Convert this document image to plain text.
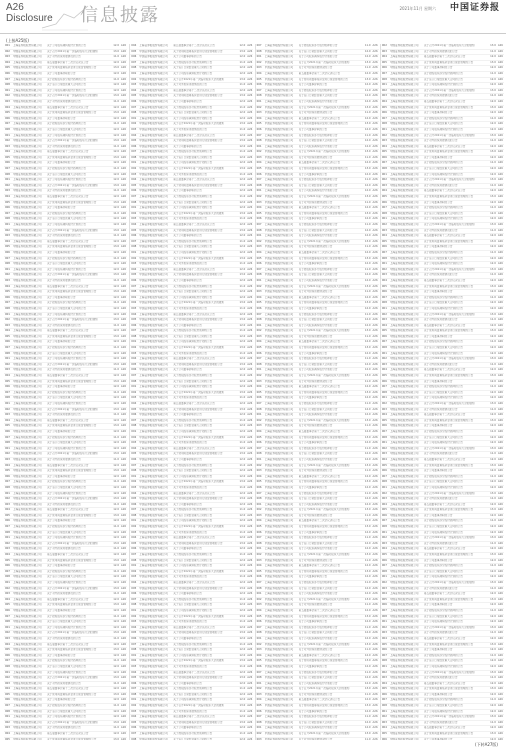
A26
Disclosure 信息披露	2021年11月 星期六 中国证券报
(上接A25版)
001	上海证券报股份有限公司	关于公司股东减持股份计划的公告	12.0 A26
002	中国证券报股份有限公司	关于召开2021年第一次临时股东大会的通知	13.0 A26
003	中国证券报股份有限公司	关于对外担保进展情况的公告	11.0 A26
004	上海证券报股份有限公司	第五届董事会第十二次会议决议公告	12.0 A26
005	中国证券报股份有限公司	关于使用闲置募集资金进行现金管理的公告	13.0 A26
006	中国证券报股份有限公司	关于公司董事辞职的公告	12.0 A26
007	上海证券报股份有限公司	关于控股股东部分股份质押的公告	11.0 A26
008	中国证券报股份有限公司	关于签订日常经营重大合同的公告	12.0 A26
001	上海证券报股份有限公司	关于公司股东减持股份计划的公告	12.0 A26
002	中国证券报股份有限公司	关于召开2021年第一次临时股东大会的通知	13.0 A26
003	中国证券报股份有限公司	关于对外担保进展情况的公告	11.0 A26
004	上海证券报股份有限公司	第五届董事会第十二次会议决议公告	12.0 A26
005	中国证券报股份有限公司	关于使用闲置募集资金进行现金管理的公告	13.0 A26
006	中国证券报股份有限公司	关于公司董事辞职的公告	12.0 A26
007	上海证券报股份有限公司	关于控股股东部分股份质押的公告	11.0 A26
008	中国证券报股份有限公司	关于签订日常经营重大合同的公告	12.0 A26
001	上海证券报股份有限公司	关于公司股东减持股份计划的公告	12.0 A26
002	中国证券报股份有限公司	关于召开2021年第一次临时股东大会的通知	13.0 A26
003	中国证券报股份有限公司	关于对外担保进展情况的公告	11.0 A26
004	上海证券报股份有限公司	第五届董事会第十二次会议决议公告	12.0 A26
005	中国证券报股份有限公司	关于使用闲置募集资金进行现金管理的公告	13.0 A26
006	中国证券报股份有限公司	关于公司董事辞职的公告	12.0 A26
007	上海证券报股份有限公司	关于控股股东部分股份质押的公告	11.0 A26
008	中国证券报股份有限公司	关于签订日常经营重大合同的公告	12.0 A26
001	上海证券报股份有限公司	关于公司股东减持股份计划的公告	12.0 A26
002	中国证券报股份有限公司	关于召开2021年第一次临时股东大会的通知	13.0 A26
003	中国证券报股份有限公司	关于对外担保进展情况的公告	11.0 A26
004	上海证券报股份有限公司	第五届董事会第十二次会议决议公告	12.0 A26
005	中国证券报股份有限公司	关于使用闲置募集资金进行现金管理的公告	13.0 A26
006	中国证券报股份有限公司	关于公司董事辞职的公告	12.0 A26
007	上海证券报股份有限公司	关于控股股东部分股份质押的公告	11.0 A26
008	中国证券报股份有限公司	关于签订日常经营重大合同的公告	12.0 A26
001	上海证券报股份有限公司	关于公司股东减持股份计划的公告	12.0 A26
002	中国证券报股份有限公司	关于召开2021年第一次临时股东大会的通知	13.0 A26
003	中国证券报股份有限公司	关于对外担保进展情况的公告	11.0 A26
004	上海证券报股份有限公司	第五届董事会第十二次会议决议公告	12.0 A26
005	中国证券报股份有限公司	关于使用闲置募集资金进行现金管理的公告	13.0 A26
006	中国证券报股份有限公司	关于公司董事辞职的公告	12.0 A26
007	上海证券报股份有限公司	关于控股股东部分股份质押的公告	11.0 A26
008	中国证券报股份有限公司	关于签订日常经营重大合同的公告	12.0 A26
001	上海证券报股份有限公司	关于公司股东减持股份计划的公告	12.0 A26
002	中国证券报股份有限公司	关于召开2021年第一次临时股东大会的通知	13.0 A26
003	中国证券报股份有限公司	关于对外担保进展情况的公告	11.0 A26
004	上海证券报股份有限公司	第五届董事会第十二次会议决议公告	12.0 A26
005	中国证券报股份有限公司	关于使用闲置募集资金进行现金管理的公告	13.0 A26
006	中国证券报股份有限公司	关于公司董事辞职的公告	12.0 A26
007	上海证券报股份有限公司	关于控股股东部分股份质押的公告	11.0 A26
008	中国证券报股份有限公司	关于签订日常经营重大合同的公告	12.0 A26
001	上海证券报股份有限公司	关于公司股东减持股份计划的公告	12.0 A26
002	中国证券报股份有限公司	关于召开2021年第一次临时股东大会的通知	13.0 A26
003	中国证券报股份有限公司	关于对外担保进展情况的公告	11.0 A26
004	上海证券报股份有限公司	第五届董事会第十二次会议决议公告	12.0 A26
005	中国证券报股份有限公司	关于使用闲置募集资金进行现金管理的公告	13.0 A26
006	中国证券报股份有限公司	关于公司董事辞职的公告	12.0 A26
007	上海证券报股份有限公司	关于控股股东部分股份质押的公告	11.0 A26
008	中国证券报股份有限公司	关于签订日常经营重大合同的公告	12.0 A26
001	上海证券报股份有限公司	关于公司股东减持股份计划的公告	12.0 A26
002	中国证券报股份有限公司	关于召开2021年第一次临时股东大会的通知	13.0 A26
003	中国证券报股份有限公司	关于对外担保进展情况的公告	11.0 A26
004	上海证券报股份有限公司	第五届董事会第十二次会议决议公告	12.0 A26
005	中国证券报股份有限公司	关于使用闲置募集资金进行现金管理的公告	13.0 A26
006	中国证券报股份有限公司	关于公司董事辞职的公告	12.0 A26
007	上海证券报股份有限公司	关于控股股东部分股份质押的公告	11.0 A26
008	中国证券报股份有限公司	关于签订日常经营重大合同的公告	12.0 A26
001	上海证券报股份有限公司	关于公司股东减持股份计划的公告	12.0 A26
002	中国证券报股份有限公司	关于召开2021年第一次临时股东大会的通知	13.0 A26
003	中国证券报股份有限公司	关于对外担保进展情况的公告	11.0 A26
004	上海证券报股份有限公司	第五届董事会第十二次会议决议公告	12.0 A26
005	中国证券报股份有限公司	关于使用闲置募集资金进行现金管理的公告	13.0 A26
006	中国证券报股份有限公司	关于公司董事辞职的公告	12.0 A26
007	上海证券报股份有限公司	关于控股股东部分股份质押的公告	11.0 A26
008	中国证券报股份有限公司	关于签订日常经营重大合同的公告	12.0 A26
001	上海证券报股份有限公司	关于公司股东减持股份计划的公告	12.0 A26
002	中国证券报股份有限公司	关于召开2021年第一次临时股东大会的通知	13.0 A26
003	中国证券报股份有限公司	关于对外担保进展情况的公告	11.0 A26
004	上海证券报股份有限公司	第五届董事会第十二次会议决议公告	12.0 A26
005	中国证券报股份有限公司	关于使用闲置募集资金进行现金管理的公告	13.0 A26
006	中国证券报股份有限公司	关于公司董事辞职的公告	12.0 A26
007	上海证券报股份有限公司	关于控股股东部分股份质押的公告	11.0 A26
008	中国证券报股份有限公司	关于签订日常经营重大合同的公告	12.0 A26
001	上海证券报股份有限公司	关于公司股东减持股份计划的公告	12.0 A26
002	中国证券报股份有限公司	关于召开2021年第一次临时股东大会的通知	13.0 A26
003	中国证券报股份有限公司	关于对外担保进展情况的公告	11.0 A26
004	上海证券报股份有限公司	第五届董事会第十二次会议决议公告	12.0 A26
005	中国证券报股份有限公司	关于使用闲置募集资金进行现金管理的公告	13.0 A26
006	中国证券报股份有限公司	关于公司董事辞职的公告	12.0 A26
007	上海证券报股份有限公司	关于控股股东部分股份质押的公告	11.0 A26
008	中国证券报股份有限公司	关于签订日常经营重大合同的公告	12.0 A26
001	上海证券报股份有限公司	关于公司股东减持股份计划的公告	12.0 A26
002	中国证券报股份有限公司	关于召开2021年第一次临时股东大会的通知	13.0 A26
003	中国证券报股份有限公司	关于对外担保进展情况的公告	11.0 A26
004	上海证券报股份有限公司	第五届董事会第十二次会议决议公告	12.0 A26
005	中国证券报股份有限公司	关于使用闲置募集资金进行现金管理的公告	13.0 A26
006	中国证券报股份有限公司	关于公司董事辞职的公告	12.0 A26
007	上海证券报股份有限公司	关于控股股东部分股份质押的公告	11.0 A26
008	中国证券报股份有限公司	关于签订日常经营重大合同的公告	12.0 A26
001	上海证券报股份有限公司	关于公司股东减持股份计划的公告	12.0 A26
002	中国证券报股份有限公司	关于召开2021年第一次临时股东大会的通知	13.0 A26
003	中国证券报股份有限公司	关于对外担保进展情况的公告	11.0 A26
004	上海证券报股份有限公司	第五届董事会第十二次会议决议公告	12.0 A26
005	中国证券报股份有限公司	关于使用闲置募集资金进行现金管理的公告	13.0 A26
006	中国证券报股份有限公司	关于公司董事辞职的公告	12.0 A26
007	上海证券报股份有限公司	关于控股股东部分股份质押的公告	11.0 A26
008	中国证券报股份有限公司	关于签订日常经营重大合同的公告	12.0 A26
001	上海证券报股份有限公司	关于公司股东减持股份计划的公告	12.0 A26
002	中国证券报股份有限公司	关于召开2021年第一次临时股东大会的通知	13.0 A26
003	中国证券报股份有限公司	关于对外担保进展情况的公告	11.0 A26
004	上海证券报股份有限公司	第五届董事会第十二次会议决议公告	12.0 A26
005	中国证券报股份有限公司	关于使用闲置募集资金进行现金管理的公告	13.0 A26
006	中国证券报股份有限公司	关于公司董事辞职的公告	12.0 A26
007	上海证券报股份有限公司	关于控股股东部分股份质押的公告	11.0 A26
008	中国证券报股份有限公司	关于签订日常经营重大合同的公告	12.0 A26
001	上海证券报股份有限公司	关于公司股东减持股份计划的公告	12.0 A26
002	中国证券报股份有限公司	关于召开2021年第一次临时股东大会的通知	13.0 A26
003	中国证券报股份有限公司	关于对外担保进展情况的公告	11.0 A26
004	上海证券报股份有限公司	第五届董事会第十二次会议决议公告	12.0 A26
005	中国证券报股份有限公司	关于使用闲置募集资金进行现金管理的公告	13.0 A26
006	中国证券报股份有限公司	关于公司董事辞职的公告	12.0 A26
007	上海证券报股份有限公司	关于控股股东部分股份质押的公告	11.0 A26
008	中国证券报股份有限公司	关于签订日常经营重大合同的公告	12.0 A26
001	上海证券报股份有限公司	关于公司股东减持股份计划的公告	12.0 A26
002	中国证券报股份有限公司	关于召开2021年第一次临时股东大会的通知	13.0 A26
003	中国证券报股份有限公司	关于对外担保进展情况的公告	11.0 A26
004	上海证券报股份有限公司	第五届董事会第十二次会议决议公告	12.0 A26
005	中国证券报股份有限公司	关于使用闲置募集资金进行现金管理的公告	13.0 A26
004	上海证券报股份有限公司	第五届董事会第十二次会议决议公告	12.0 A26
005	中国证券报股份有限公司	关于使用闲置募集资金进行现金管理的公告	13.0 A26
006	中国证券报股份有限公司	关于公司董事辞职的公告	12.0 A26
007	上海证券报股份有限公司	关于控股股东部分股份质押的公告	11.0 A26
008	中国证券报股份有限公司	关于签订日常经营重大合同的公告	12.0 A26
001	上海证券报股份有限公司	关于公司股东减持股份计划的公告	12.0 A26
002	中国证券报股份有限公司	关于召开2021年第一次临时股东大会的通知	13.0 A26
003	中国证券报股份有限公司	关于对外担保进展情况的公告	11.0 A26
004	上海证券报股份有限公司	第五届董事会第十二次会议决议公告	12.0 A26
005	中国证券报股份有限公司	关于使用闲置募集资金进行现金管理的公告	13.0 A26
006	中国证券报股份有限公司	关于公司董事辞职的公告	12.0 A26
007	上海证券报股份有限公司	关于控股股东部分股份质押的公告	11.0 A26
008	中国证券报股份有限公司	关于签订日常经营重大合同的公告	12.0 A26
001	上海证券报股份有限公司	关于公司股东减持股份计划的公告	12.0 A26
002	中国证券报股份有限公司	关于召开2021年第一次临时股东大会的通知	13.0 A26
003	中国证券报股份有限公司	关于对外担保进展情况的公告	11.0 A26
004	上海证券报股份有限公司	第五届董事会第十二次会议决议公告	12.0 A26
005	中国证券报股份有限公司	关于使用闲置募集资金进行现金管理的公告	13.0 A26
006	中国证券报股份有限公司	关于公司董事辞职的公告	12.0 A26
007	上海证券报股份有限公司	关于控股股东部分股份质押的公告	11.0 A26
008	中国证券报股份有限公司	关于签订日常经营重大合同的公告	12.0 A26
001	上海证券报股份有限公司	关于公司股东减持股份计划的公告	12.0 A26
002	中国证券报股份有限公司	关于召开2021年第一次临时股东大会的通知	13.0 A26
003	中国证券报股份有限公司	关于对外担保进展情况的公告	11.0 A26
004	上海证券报股份有限公司	第五届董事会第十二次会议决议公告	12.0 A26
005	中国证券报股份有限公司	关于使用闲置募集资金进行现金管理的公告	13.0 A26
006	中国证券报股份有限公司	关于公司董事辞职的公告	12.0 A26
007	上海证券报股份有限公司	关于控股股东部分股份质押的公告	11.0 A26
008	中国证券报股份有限公司	关于签订日常经营重大合同的公告	12.0 A26
001	上海证券报股份有限公司	关于公司股东减持股份计划的公告	12.0 A26
002	中国证券报股份有限公司	关于召开2021年第一次临时股东大会的通知	13.0 A26
003	中国证券报股份有限公司	关于对外担保进展情况的公告	11.0 A26
004	上海证券报股份有限公司	第五届董事会第十二次会议决议公告	12.0 A26
005	中国证券报股份有限公司	关于使用闲置募集资金进行现金管理的公告	13.0 A26
006	中国证券报股份有限公司	关于公司董事辞职的公告	12.0 A26
007	上海证券报股份有限公司	关于控股股东部分股份质押的公告	11.0 A26
008	中国证券报股份有限公司	关于签订日常经营重大合同的公告	12.0 A26
001	上海证券报股份有限公司	关于公司股东减持股份计划的公告	12.0 A26
002	中国证券报股份有限公司	关于召开2021年第一次临时股东大会的通知	13.0 A26
003	中国证券报股份有限公司	关于对外担保进展情况的公告	11.0 A26
004	上海证券报股份有限公司	第五届董事会第十二次会议决议公告	12.0 A26
005	中国证券报股份有限公司	关于使用闲置募集资金进行现金管理的公告	13.0 A26
006	中国证券报股份有限公司	关于公司董事辞职的公告	12.0 A26
007	上海证券报股份有限公司	关于控股股东部分股份质押的公告	11.0 A26
008	中国证券报股份有限公司	关于签订日常经营重大合同的公告	12.0 A26
001	上海证券报股份有限公司	关于公司股东减持股份计划的公告	12.0 A26
002	中国证券报股份有限公司	关于召开2021年第一次临时股东大会的通知	13.0 A26
003	中国证券报股份有限公司	关于对外担保进展情况的公告	11.0 A26
004	上海证券报股份有限公司	第五届董事会第十二次会议决议公告	12.0 A26
005	中国证券报股份有限公司	关于使用闲置募集资金进行现金管理的公告	13.0 A26
006	中国证券报股份有限公司	关于公司董事辞职的公告	12.0 A26
007	上海证券报股份有限公司	关于控股股东部分股份质押的公告	11.0 A26
008	中国证券报股份有限公司	关于签订日常经营重大合同的公告	12.0 A26
001	上海证券报股份有限公司	关于公司股东减持股份计划的公告	12.0 A26
002	中国证券报股份有限公司	关于召开2021年第一次临时股东大会的通知	13.0 A26
003	中国证券报股份有限公司	关于对外担保进展情况的公告	11.0 A26
004	上海证券报股份有限公司	第五届董事会第十二次会议决议公告	12.0 A26
005	中国证券报股份有限公司	关于使用闲置募集资金进行现金管理的公告	13.0 A26
006	中国证券报股份有限公司	关于公司董事辞职的公告	12.0 A26
007	上海证券报股份有限公司	关于控股股东部分股份质押的公告	11.0 A26
008	中国证券报股份有限公司	关于签订日常经营重大合同的公告	12.0 A26
001	上海证券报股份有限公司	关于公司股东减持股份计划的公告	12.0 A26
002	中国证券报股份有限公司	关于召开2021年第一次临时股东大会的通知	13.0 A26
003	中国证券报股份有限公司	关于对外担保进展情况的公告	11.0 A26
004	上海证券报股份有限公司	第五届董事会第十二次会议决议公告	12.0 A26
005	中国证券报股份有限公司	关于使用闲置募集资金进行现金管理的公告	13.0 A26
006	中国证券报股份有限公司	关于公司董事辞职的公告	12.0 A26
007	上海证券报股份有限公司	关于控股股东部分股份质押的公告	11.0 A26
008	中国证券报股份有限公司	关于签订日常经营重大合同的公告	12.0 A26
001	上海证券报股份有限公司	关于公司股东减持股份计划的公告	12.0 A26
002	中国证券报股份有限公司	关于召开2021年第一次临时股东大会的通知	13.0 A26
003	中国证券报股份有限公司	关于对外担保进展情况的公告	11.0 A26
004	上海证券报股份有限公司	第五届董事会第十二次会议决议公告	12.0 A26
005	中国证券报股份有限公司	关于使用闲置募集资金进行现金管理的公告	13.0 A26
006	中国证券报股份有限公司	关于公司董事辞职的公告	12.0 A26
007	上海证券报股份有限公司	关于控股股东部分股份质押的公告	11.0 A26
008	中国证券报股份有限公司	关于签订日常经营重大合同的公告	12.0 A26
001	上海证券报股份有限公司	关于公司股东减持股份计划的公告	12.0 A26
002	中国证券报股份有限公司	关于召开2021年第一次临时股东大会的通知	13.0 A26
003	中国证券报股份有限公司	关于对外担保进展情况的公告	11.0 A26
004	上海证券报股份有限公司	第五届董事会第十二次会议决议公告	12.0 A26
005	中国证券报股份有限公司	关于使用闲置募集资金进行现金管理的公告	13.0 A26
006	中国证券报股份有限公司	关于公司董事辞职的公告	12.0 A26
007	上海证券报股份有限公司	关于控股股东部分股份质押的公告	11.0 A26
008	中国证券报股份有限公司	关于签订日常经营重大合同的公告	12.0 A26
001	上海证券报股份有限公司	关于公司股东减持股份计划的公告	12.0 A26
002	中国证券报股份有限公司	关于召开2021年第一次临时股东大会的通知	13.0 A26
003	中国证券报股份有限公司	关于对外担保进展情况的公告	11.0 A26
004	上海证券报股份有限公司	第五届董事会第十二次会议决议公告	12.0 A26
005	中国证券报股份有限公司	关于使用闲置募集资金进行现金管理的公告	13.0 A26
006	中国证券报股份有限公司	关于公司董事辞职的公告	12.0 A26
007	上海证券报股份有限公司	关于控股股东部分股份质押的公告	11.0 A26
008	中国证券报股份有限公司	关于签订日常经营重大合同的公告	12.0 A26
001	上海证券报股份有限公司	关于公司股东减持股份计划的公告	12.0 A26
002	中国证券报股份有限公司	关于召开2021年第一次临时股东大会的通知	13.0 A26
003	中国证券报股份有限公司	关于对外担保进展情况的公告	11.0 A26
004	上海证券报股份有限公司	第五届董事会第十二次会议决议公告	12.0 A26
005	中国证券报股份有限公司	关于使用闲置募集资金进行现金管理的公告	13.0 A26
006	中国证券报股份有限公司	关于公司董事辞职的公告	12.0 A26
007	上海证券报股份有限公司	关于控股股东部分股份质押的公告	11.0 A26
008	中国证券报股份有限公司	关于签订日常经营重大合同的公告	12.0 A26
001	上海证券报股份有限公司	关于公司股东减持股份计划的公告	12.0 A26
002	中国证券报股份有限公司	关于召开2021年第一次临时股东大会的通知	13.0 A26
003	中国证券报股份有限公司	关于对外担保进展情况的公告	11.0 A26
004	上海证券报股份有限公司	第五届董事会第十二次会议决议公告	12.0 A26
005	中国证券报股份有限公司	关于使用闲置募集资金进行现金管理的公告	13.0 A26
006	中国证券报股份有限公司	关于公司董事辞职的公告	12.0 A26
007	上海证券报股份有限公司	关于控股股东部分股份质押的公告	11.0 A26
008	中国证券报股份有限公司	关于签订日常经营重大合同的公告	12.0 A26
001	上海证券报股份有限公司	关于公司股东减持股份计划的公告	12.0 A26
002	中国证券报股份有限公司	关于召开2021年第一次临时股东大会的通知	13.0 A26
003	中国证券报股份有限公司	关于对外担保进展情况的公告	11.0 A26
004	上海证券报股份有限公司	第五届董事会第十二次会议决议公告	12.0 A26
005	中国证券报股份有限公司	关于使用闲置募集资金进行现金管理的公告	13.0 A26
006	中国证券报股份有限公司	关于公司董事辞职的公告	12.0 A26
007	上海证券报股份有限公司	关于控股股东部分股份质押的公告	11.0 A26
008	中国证券报股份有限公司	关于签订日常经营重大合同的公告	12.0 A26
001	上海证券报股份有限公司	关于公司股东减持股份计划的公告	12.0 A26
002	中国证券报股份有限公司	关于召开2021年第一次临时股东大会的通知	13.0 A26
003	中国证券报股份有限公司	关于对外担保进展情况的公告	11.0 A26
004	上海证券报股份有限公司	第五届董事会第十二次会议决议公告	12.0 A26
005	中国证券报股份有限公司	关于使用闲置募集资金进行现金管理的公告	13.0 A26
006	中国证券报股份有限公司	关于公司董事辞职的公告	12.0 A26
007	上海证券报股份有限公司	关于控股股东部分股份质押的公告	11.0 A26
008	中国证券报股份有限公司	关于签订日常经营重大合同的公告	12.0 A26
007	上海证券报股份有限公司	关于控股股东部分股份质押的公告	11.0 A26
008	中国证券报股份有限公司	关于签订日常经营重大合同的公告	12.0 A26
001	上海证券报股份有限公司	关于公司股东减持股份计划的公告	12.0 A26
002	中国证券报股份有限公司	关于召开2021年第一次临时股东大会的通知	13.0 A26
003	中国证券报股份有限公司	关于对外担保进展情况的公告	11.0 A26
004	上海证券报股份有限公司	第五届董事会第十二次会议决议公告	12.0 A26
005	中国证券报股份有限公司	关于使用闲置募集资金进行现金管理的公告	13.0 A26
006	中国证券报股份有限公司	关于公司董事辞职的公告	12.0 A26
007	上海证券报股份有限公司	关于控股股东部分股份质押的公告	11.0 A26
008	中国证券报股份有限公司	关于签订日常经营重大合同的公告	12.0 A26
001	上海证券报股份有限公司	关于公司股东减持股份计划的公告	12.0 A26
002	中国证券报股份有限公司	关于召开2021年第一次临时股东大会的通知	13.0 A26
003	中国证券报股份有限公司	关于对外担保进展情况的公告	11.0 A26
004	上海证券报股份有限公司	第五届董事会第十二次会议决议公告	12.0 A26
005	中国证券报股份有限公司	关于使用闲置募集资金进行现金管理的公告	13.0 A26
006	中国证券报股份有限公司	关于公司董事辞职的公告	12.0 A26
007	上海证券报股份有限公司	关于控股股东部分股份质押的公告	11.0 A26
008	中国证券报股份有限公司	关于签订日常经营重大合同的公告	12.0 A26
001	上海证券报股份有限公司	关于公司股东减持股份计划的公告	12.0 A26
002	中国证券报股份有限公司	关于召开2021年第一次临时股东大会的通知	13.0 A26
003	中国证券报股份有限公司	关于对外担保进展情况的公告	11.0 A26
004	上海证券报股份有限公司	第五届董事会第十二次会议决议公告	12.0 A26
005	中国证券报股份有限公司	关于使用闲置募集资金进行现金管理的公告	13.0 A26
006	中国证券报股份有限公司	关于公司董事辞职的公告	12.0 A26
007	上海证券报股份有限公司	关于控股股东部分股份质押的公告	11.0 A26
008	中国证券报股份有限公司	关于签订日常经营重大合同的公告	12.0 A26
001	上海证券报股份有限公司	关于公司股东减持股份计划的公告	12.0 A26
002	中国证券报股份有限公司	关于召开2021年第一次临时股东大会的通知	13.0 A26
003	中国证券报股份有限公司	关于对外担保进展情况的公告	11.0 A26
004	上海证券报股份有限公司	第五届董事会第十二次会议决议公告	12.0 A26
005	中国证券报股份有限公司	关于使用闲置募集资金进行现金管理的公告	13.0 A26
006	中国证券报股份有限公司	关于公司董事辞职的公告	12.0 A26
007	上海证券报股份有限公司	关于控股股东部分股份质押的公告	11.0 A26
008	中国证券报股份有限公司	关于签订日常经营重大合同的公告	12.0 A26
001	上海证券报股份有限公司	关于公司股东减持股份计划的公告	12.0 A26
002	中国证券报股份有限公司	关于召开2021年第一次临时股东大会的通知	13.0 A26
003	中国证券报股份有限公司	关于对外担保进展情况的公告	11.0 A26
004	上海证券报股份有限公司	第五届董事会第十二次会议决议公告	12.0 A26
005	中国证券报股份有限公司	关于使用闲置募集资金进行现金管理的公告	13.0 A26
006	中国证券报股份有限公司	关于公司董事辞职的公告	12.0 A26
007	上海证券报股份有限公司	关于控股股东部分股份质押的公告	11.0 A26
008	中国证券报股份有限公司	关于签订日常经营重大合同的公告	12.0 A26
001	上海证券报股份有限公司	关于公司股东减持股份计划的公告	12.0 A26
002	中国证券报股份有限公司	关于召开2021年第一次临时股东大会的通知	13.0 A26
003	中国证券报股份有限公司	关于对外担保进展情况的公告	11.0 A26
004	上海证券报股份有限公司	第五届董事会第十二次会议决议公告	12.0 A26
005	中国证券报股份有限公司	关于使用闲置募集资金进行现金管理的公告	13.0 A26
006	中国证券报股份有限公司	关于公司董事辞职的公告	12.0 A26
007	上海证券报股份有限公司	关于控股股东部分股份质押的公告	11.0 A26
008	中国证券报股份有限公司	关于签订日常经营重大合同的公告	12.0 A26
001	上海证券报股份有限公司	关于公司股东减持股份计划的公告	12.0 A26
002	中国证券报股份有限公司	关于召开2021年第一次临时股东大会的通知	13.0 A26
003	中国证券报股份有限公司	关于对外担保进展情况的公告	11.0 A26
004	上海证券报股份有限公司	第五届董事会第十二次会议决议公告	12.0 A26
005	中国证券报股份有限公司	关于使用闲置募集资金进行现金管理的公告	13.0 A26
006	中国证券报股份有限公司	关于公司董事辞职的公告	12.0 A26
007	上海证券报股份有限公司	关于控股股东部分股份质押的公告	11.0 A26
008	中国证券报股份有限公司	关于签订日常经营重大合同的公告	12.0 A26
001	上海证券报股份有限公司	关于公司股东减持股份计划的公告	12.0 A26
002	中国证券报股份有限公司	关于召开2021年第一次临时股东大会的通知	13.0 A26
003	中国证券报股份有限公司	关于对外担保进展情况的公告	11.0 A26
004	上海证券报股份有限公司	第五届董事会第十二次会议决议公告	12.0 A26
005	中国证券报股份有限公司	关于使用闲置募集资金进行现金管理的公告	13.0 A26
006	中国证券报股份有限公司	关于公司董事辞职的公告	12.0 A26
007	上海证券报股份有限公司	关于控股股东部分股份质押的公告	11.0 A26
008	中国证券报股份有限公司	关于签订日常经营重大合同的公告	12.0 A26
001	上海证券报股份有限公司	关于公司股东减持股份计划的公告	12.0 A26
002	中国证券报股份有限公司	关于召开2021年第一次临时股东大会的通知	13.0 A26
003	中国证券报股份有限公司	关于对外担保进展情况的公告	11.0 A26
004	上海证券报股份有限公司	第五届董事会第十二次会议决议公告	12.0 A26
005	中国证券报股份有限公司	关于使用闲置募集资金进行现金管理的公告	13.0 A26
006	中国证券报股份有限公司	关于公司董事辞职的公告	12.0 A26
007	上海证券报股份有限公司	关于控股股东部分股份质押的公告	11.0 A26
008	中国证券报股份有限公司	关于签订日常经营重大合同的公告	12.0 A26
001	上海证券报股份有限公司	关于公司股东减持股份计划的公告	12.0 A26
002	中国证券报股份有限公司	关于召开2021年第一次临时股东大会的通知	13.0 A26
003	中国证券报股份有限公司	关于对外担保进展情况的公告	11.0 A26
004	上海证券报股份有限公司	第五届董事会第十二次会议决议公告	12.0 A26
005	中国证券报股份有限公司	关于使用闲置募集资金进行现金管理的公告	13.0 A26
006	中国证券报股份有限公司	关于公司董事辞职的公告	12.0 A26
007	上海证券报股份有限公司	关于控股股东部分股份质押的公告	11.0 A26
008	中国证券报股份有限公司	关于签订日常经营重大合同的公告	12.0 A26
001	上海证券报股份有限公司	关于公司股东减持股份计划的公告	12.0 A26
002	中国证券报股份有限公司	关于召开2021年第一次临时股东大会的通知	13.0 A26
003	中国证券报股份有限公司	关于对外担保进展情况的公告	11.0 A26
004	上海证券报股份有限公司	第五届董事会第十二次会议决议公告	12.0 A26
005	中国证券报股份有限公司	关于使用闲置募集资金进行现金管理的公告	13.0 A26
006	中国证券报股份有限公司	关于公司董事辞职的公告	12.0 A26
007	上海证券报股份有限公司	关于控股股东部分股份质押的公告	11.0 A26
008	中国证券报股份有限公司	关于签订日常经营重大合同的公告	12.0 A26
001	上海证券报股份有限公司	关于公司股东减持股份计划的公告	12.0 A26
002	中国证券报股份有限公司	关于召开2021年第一次临时股东大会的通知	13.0 A26
003	中国证券报股份有限公司	关于对外担保进展情况的公告	11.0 A26
004	上海证券报股份有限公司	第五届董事会第十二次会议决议公告	12.0 A26
005	中国证券报股份有限公司	关于使用闲置募集资金进行现金管理的公告	13.0 A26
006	中国证券报股份有限公司	关于公司董事辞职的公告	12.0 A26
007	上海证券报股份有限公司	关于控股股东部分股份质押的公告	11.0 A26
008	中国证券报股份有限公司	关于签订日常经营重大合同的公告	12.0 A26
001	上海证券报股份有限公司	关于公司股东减持股份计划的公告	12.0 A26
002	中国证券报股份有限公司	关于召开2021年第一次临时股东大会的通知	13.0 A26
003	中国证券报股份有限公司	关于对外担保进展情况的公告	11.0 A26
004	上海证券报股份有限公司	第五届董事会第十二次会议决议公告	12.0 A26
005	中国证券报股份有限公司	关于使用闲置募集资金进行现金管理的公告	13.0 A26
006	中国证券报股份有限公司	关于公司董事辞职的公告	12.0 A26
007	上海证券报股份有限公司	关于控股股东部分股份质押的公告	11.0 A26
008	中国证券报股份有限公司	关于签订日常经营重大合同的公告	12.0 A26
001	上海证券报股份有限公司	关于公司股东减持股份计划的公告	12.0 A26
002	中国证券报股份有限公司	关于召开2021年第一次临时股东大会的通知	13.0 A26
003	中国证券报股份有限公司	关于对外担保进展情况的公告	11.0 A26
004	上海证券报股份有限公司	第五届董事会第十二次会议决议公告	12.0 A26
005	中国证券报股份有限公司	关于使用闲置募集资金进行现金管理的公告	13.0 A26
006	中国证券报股份有限公司	关于公司董事辞职的公告	12.0 A26
007	上海证券报股份有限公司	关于控股股东部分股份质押的公告	11.0 A26
008	中国证券报股份有限公司	关于签订日常经营重大合同的公告	12.0 A26
001	上海证券报股份有限公司	关于公司股东减持股份计划的公告	12.0 A26
002	中国证券报股份有限公司	关于召开2021年第一次临时股东大会的通知	13.0 A26
003	中国证券报股份有限公司	关于对外担保进展情况的公告	11.0 A26
004	上海证券报股份有限公司	第五届董事会第十二次会议决议公告	12.0 A26
005	中国证券报股份有限公司	关于使用闲置募集资金进行现金管理的公告	13.0 A26
006	中国证券报股份有限公司	关于公司董事辞职的公告	12.0 A26
007	上海证券报股份有限公司	关于控股股东部分股份质押的公告	11.0 A26
008	中国证券报股份有限公司	关于签订日常经营重大合同的公告	12.0 A26
001	上海证券报股份有限公司	关于公司股东减持股份计划的公告	12.0 A26
002	中国证券报股份有限公司	关于召开2021年第一次临时股东大会的通知	13.0 A26
003	中国证券报股份有限公司	关于对外担保进展情况的公告	11.0 A26
002	中国证券报股份有限公司	关于召开2021年第一次临时股东大会的通知	13.0 A26
003	中国证券报股份有限公司	关于对外担保进展情况的公告	11.0 A26
004	上海证券报股份有限公司	第五届董事会第十二次会议决议公告	12.0 A26
005	中国证券报股份有限公司	关于使用闲置募集资金进行现金管理的公告	13.0 A26
006	中国证券报股份有限公司	关于公司董事辞职的公告	12.0 A26
007	上海证券报股份有限公司	关于控股股东部分股份质押的公告	11.0 A26
008	中国证券报股份有限公司	关于签订日常经营重大合同的公告	12.0 A26
001	上海证券报股份有限公司	关于公司股东减持股份计划的公告	12.0 A26
002	中国证券报股份有限公司	关于召开2021年第一次临时股东大会的通知	13.0 A26
003	中国证券报股份有限公司	关于对外担保进展情况的公告	11.0 A26
004	上海证券报股份有限公司	第五届董事会第十二次会议决议公告	12.0 A26
005	中国证券报股份有限公司	关于使用闲置募集资金进行现金管理的公告	13.0 A26
006	中国证券报股份有限公司	关于公司董事辞职的公告	12.0 A26
007	上海证券报股份有限公司	关于控股股东部分股份质押的公告	11.0 A26
008	中国证券报股份有限公司	关于签订日常经营重大合同的公告	12.0 A26
001	上海证券报股份有限公司	关于公司股东减持股份计划的公告	12.0 A26
002	中国证券报股份有限公司	关于召开2021年第一次临时股东大会的通知	13.0 A26
003	中国证券报股份有限公司	关于对外担保进展情况的公告	11.0 A26
004	上海证券报股份有限公司	第五届董事会第十二次会议决议公告	12.0 A26
005	中国证券报股份有限公司	关于使用闲置募集资金进行现金管理的公告	13.0 A26
006	中国证券报股份有限公司	关于公司董事辞职的公告	12.0 A26
007	上海证券报股份有限公司	关于控股股东部分股份质押的公告	11.0 A26
008	中国证券报股份有限公司	关于签订日常经营重大合同的公告	12.0 A26
001	上海证券报股份有限公司	关于公司股东减持股份计划的公告	12.0 A26
002	中国证券报股份有限公司	关于召开2021年第一次临时股东大会的通知	13.0 A26
003	中国证券报股份有限公司	关于对外担保进展情况的公告	11.0 A26
004	上海证券报股份有限公司	第五届董事会第十二次会议决议公告	12.0 A26
005	中国证券报股份有限公司	关于使用闲置募集资金进行现金管理的公告	13.0 A26
006	中国证券报股份有限公司	关于公司董事辞职的公告	12.0 A26
007	上海证券报股份有限公司	关于控股股东部分股份质押的公告	11.0 A26
008	中国证券报股份有限公司	关于签订日常经营重大合同的公告	12.0 A26
001	上海证券报股份有限公司	关于公司股东减持股份计划的公告	12.0 A26
002	中国证券报股份有限公司	关于召开2021年第一次临时股东大会的通知	13.0 A26
003	中国证券报股份有限公司	关于对外担保进展情况的公告	11.0 A26
004	上海证券报股份有限公司	第五届董事会第十二次会议决议公告	12.0 A26
005	中国证券报股份有限公司	关于使用闲置募集资金进行现金管理的公告	13.0 A26
006	中国证券报股份有限公司	关于公司董事辞职的公告	12.0 A26
007	上海证券报股份有限公司	关于控股股东部分股份质押的公告	11.0 A26
008	中国证券报股份有限公司	关于签订日常经营重大合同的公告	12.0 A26
001	上海证券报股份有限公司	关于公司股东减持股份计划的公告	12.0 A26
002	中国证券报股份有限公司	关于召开2021年第一次临时股东大会的通知	13.0 A26
003	中国证券报股份有限公司	关于对外担保进展情况的公告	11.0 A26
004	上海证券报股份有限公司	第五届董事会第十二次会议决议公告	12.0 A26
005	中国证券报股份有限公司	关于使用闲置募集资金进行现金管理的公告	13.0 A26
006	中国证券报股份有限公司	关于公司董事辞职的公告	12.0 A26
007	上海证券报股份有限公司	关于控股股东部分股份质押的公告	11.0 A26
008	中国证券报股份有限公司	关于签订日常经营重大合同的公告	12.0 A26
001	上海证券报股份有限公司	关于公司股东减持股份计划的公告	12.0 A26
002	中国证券报股份有限公司	关于召开2021年第一次临时股东大会的通知	13.0 A26
003	中国证券报股份有限公司	关于对外担保进展情况的公告	11.0 A26
004	上海证券报股份有限公司	第五届董事会第十二次会议决议公告	12.0 A26
005	中国证券报股份有限公司	关于使用闲置募集资金进行现金管理的公告	13.0 A26
006	中国证券报股份有限公司	关于公司董事辞职的公告	12.0 A26
007	上海证券报股份有限公司	关于控股股东部分股份质押的公告	11.0 A26
008	中国证券报股份有限公司	关于签订日常经营重大合同的公告	12.0 A26
001	上海证券报股份有限公司	关于公司股东减持股份计划的公告	12.0 A26
002	中国证券报股份有限公司	关于召开2021年第一次临时股东大会的通知	13.0 A26
003	中国证券报股份有限公司	关于对外担保进展情况的公告	11.0 A26
004	上海证券报股份有限公司	第五届董事会第十二次会议决议公告	12.0 A26
005	中国证券报股份有限公司	关于使用闲置募集资金进行现金管理的公告	13.0 A26
006	中国证券报股份有限公司	关于公司董事辞职的公告	12.0 A26
007	上海证券报股份有限公司	关于控股股东部分股份质押的公告	11.0 A26
008	中国证券报股份有限公司	关于签订日常经营重大合同的公告	12.0 A26
001	上海证券报股份有限公司	关于公司股东减持股份计划的公告	12.0 A26
002	中国证券报股份有限公司	关于召开2021年第一次临时股东大会的通知	13.0 A26
003	中国证券报股份有限公司	关于对外担保进展情况的公告	11.0 A26
004	上海证券报股份有限公司	第五届董事会第十二次会议决议公告	12.0 A26
005	中国证券报股份有限公司	关于使用闲置募集资金进行现金管理的公告	13.0 A26
006	中国证券报股份有限公司	关于公司董事辞职的公告	12.0 A26
007	上海证券报股份有限公司	关于控股股东部分股份质押的公告	11.0 A26
008	中国证券报股份有限公司	关于签订日常经营重大合同的公告	12.0 A26
001	上海证券报股份有限公司	关于公司股东减持股份计划的公告	12.0 A26
002	中国证券报股份有限公司	关于召开2021年第一次临时股东大会的通知	13.0 A26
003	中国证券报股份有限公司	关于对外担保进展情况的公告	11.0 A26
004	上海证券报股份有限公司	第五届董事会第十二次会议决议公告	12.0 A26
005	中国证券报股份有限公司	关于使用闲置募集资金进行现金管理的公告	13.0 A26
006	中国证券报股份有限公司	关于公司董事辞职的公告	12.0 A26
007	上海证券报股份有限公司	关于控股股东部分股份质押的公告	11.0 A26
008	中国证券报股份有限公司	关于签订日常经营重大合同的公告	12.0 A26
001	上海证券报股份有限公司	关于公司股东减持股份计划的公告	12.0 A26
002	中国证券报股份有限公司	关于召开2021年第一次临时股东大会的通知	13.0 A26
003	中国证券报股份有限公司	关于对外担保进展情况的公告	11.0 A26
004	上海证券报股份有限公司	第五届董事会第十二次会议决议公告	12.0 A26
005	中国证券报股份有限公司	关于使用闲置募集资金进行现金管理的公告	13.0 A26
006	中国证券报股份有限公司	关于公司董事辞职的公告	12.0 A26
007	上海证券报股份有限公司	关于控股股东部分股份质押的公告	11.0 A26
008	中国证券报股份有限公司	关于签订日常经营重大合同的公告	12.0 A26
001	上海证券报股份有限公司	关于公司股东减持股份计划的公告	12.0 A26
002	中国证券报股份有限公司	关于召开2021年第一次临时股东大会的通知	13.0 A26
003	中国证券报股份有限公司	关于对外担保进展情况的公告	11.0 A26
004	上海证券报股份有限公司	第五届董事会第十二次会议决议公告	12.0 A26
005	中国证券报股份有限公司	关于使用闲置募集资金进行现金管理的公告	13.0 A26
006	中国证券报股份有限公司	关于公司董事辞职的公告	12.0 A26
007	上海证券报股份有限公司	关于控股股东部分股份质押的公告	11.0 A26
008	中国证券报股份有限公司	关于签订日常经营重大合同的公告	12.0 A26
001	上海证券报股份有限公司	关于公司股东减持股份计划的公告	12.0 A26
002	中国证券报股份有限公司	关于召开2021年第一次临时股东大会的通知	13.0 A26
003	中国证券报股份有限公司	关于对外担保进展情况的公告	11.0 A26
004	上海证券报股份有限公司	第五届董事会第十二次会议决议公告	12.0 A26
005	中国证券报股份有限公司	关于使用闲置募集资金进行现金管理的公告	13.0 A26
006	中国证券报股份有限公司	关于公司董事辞职的公告	12.0 A26
007	上海证券报股份有限公司	关于控股股东部分股份质押的公告	11.0 A26
008	中国证券报股份有限公司	关于签订日常经营重大合同的公告	12.0 A26
001	上海证券报股份有限公司	关于公司股东减持股份计划的公告	12.0 A26
002	中国证券报股份有限公司	关于召开2021年第一次临时股东大会的通知	13.0 A26
003	中国证券报股份有限公司	关于对外担保进展情况的公告	11.0 A26
004	上海证券报股份有限公司	第五届董事会第十二次会议决议公告	12.0 A26
005	中国证券报股份有限公司	关于使用闲置募集资金进行现金管理的公告	13.0 A26
006	中国证券报股份有限公司	关于公司董事辞职的公告	12.0 A26
007	上海证券报股份有限公司	关于控股股东部分股份质押的公告	11.0 A26
008	中国证券报股份有限公司	关于签订日常经营重大合同的公告	12.0 A26
001	上海证券报股份有限公司	关于公司股东减持股份计划的公告	12.0 A26
002	中国证券报股份有限公司	关于召开2021年第一次临时股东大会的通知	13.0 A26
003	中国证券报股份有限公司	关于对外担保进展情况的公告	11.0 A26
004	上海证券报股份有限公司	第五届董事会第十二次会议决议公告	12.0 A26
005	中国证券报股份有限公司	关于使用闲置募集资金进行现金管理的公告	13.0 A26
006	中国证券报股份有限公司	关于公司董事辞职的公告	12.0 A26
007	上海证券报股份有限公司	关于控股股东部分股份质押的公告	11.0 A26
008	中国证券报股份有限公司	关于签订日常经营重大合同的公告	12.0 A26
001	上海证券报股份有限公司	关于公司股东减持股份计划的公告	12.0 A26
002	中国证券报股份有限公司	关于召开2021年第一次临时股东大会的通知	13.0 A26
003	中国证券报股份有限公司	关于对外担保进展情况的公告	11.0 A26
004	上海证券报股份有限公司	第五届董事会第十二次会议决议公告	12.0 A26
005	中国证券报股份有限公司	关于使用闲置募集资金进行现金管理的公告	13.0 A26
006	中国证券报股份有限公司	关于公司董事辞职的公告	12.0 A26
(下转A27版)
